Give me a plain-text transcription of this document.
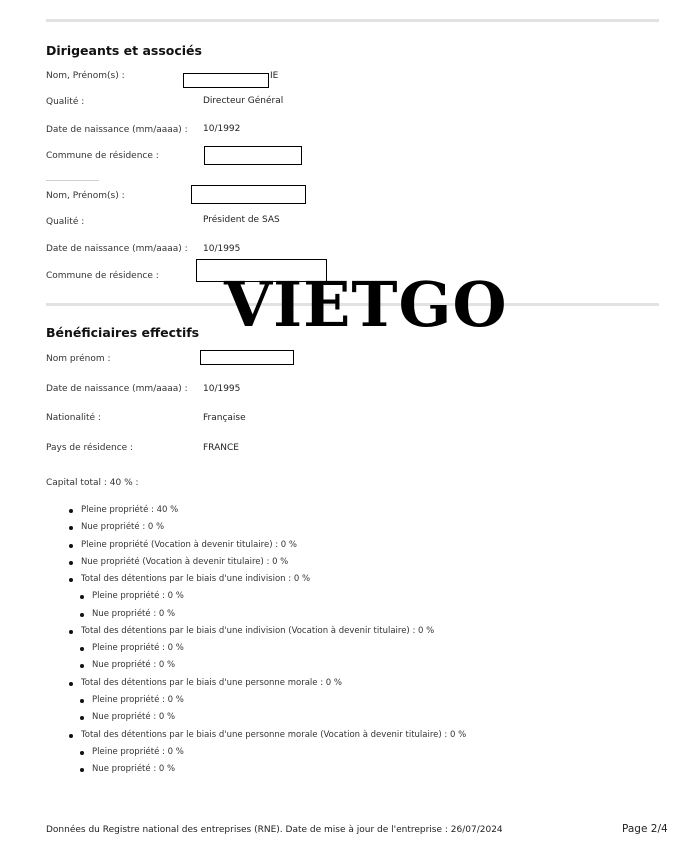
Dirigeants et associés
Nom, Prénom(s) :	IE
Qualité :	Directeur Général
Date de naissance (mm/aaaa) : 10/1992
Commune de résidence :
Nom, Prénom(s) :
Qualité :	Président de SAS
Date de naissance (mm/aaaa) : 10/1995
Commune de résidence : VIETGO
Bénéficiaires effectifs
Nom prénom :
Date de naissance (mm/aaaa) : 10/1995
Nationalité :	Française
Pays de résidence :	FRANCE
Capital total : 40 % :
Pleine propriété : 40 %
Nue propriété : 0 %
Pleine propriété (Vocation à devenir titulaire) : 0 %
Nue propriété (Vocation à devenir titulaire) : 0 %
Total des détentions par le biais d'une indivision : 0 %
Pleine propriété : 0 %
Nue propriété : 0 %
Total des détentions par le biais d'une indivision (Vocation à devenir titulaire) : 0 %
Pleine propriété : 0 %
Nue propriété : 0 %
Total des détentions par le biais d'une personne morale : 0 %
Pleine propriété : 0 %
Nue propriété : 0 %
Total des détentions par le biais d'une personne morale (Vocation à devenir titulaire) : 0 %
Pleine propriété : 0 %
Nue propriété : 0 %
Données du Registre national des entreprises (RNE). Date de mise à jour de l'entreprise : 26/07/2024	Page 2/4
